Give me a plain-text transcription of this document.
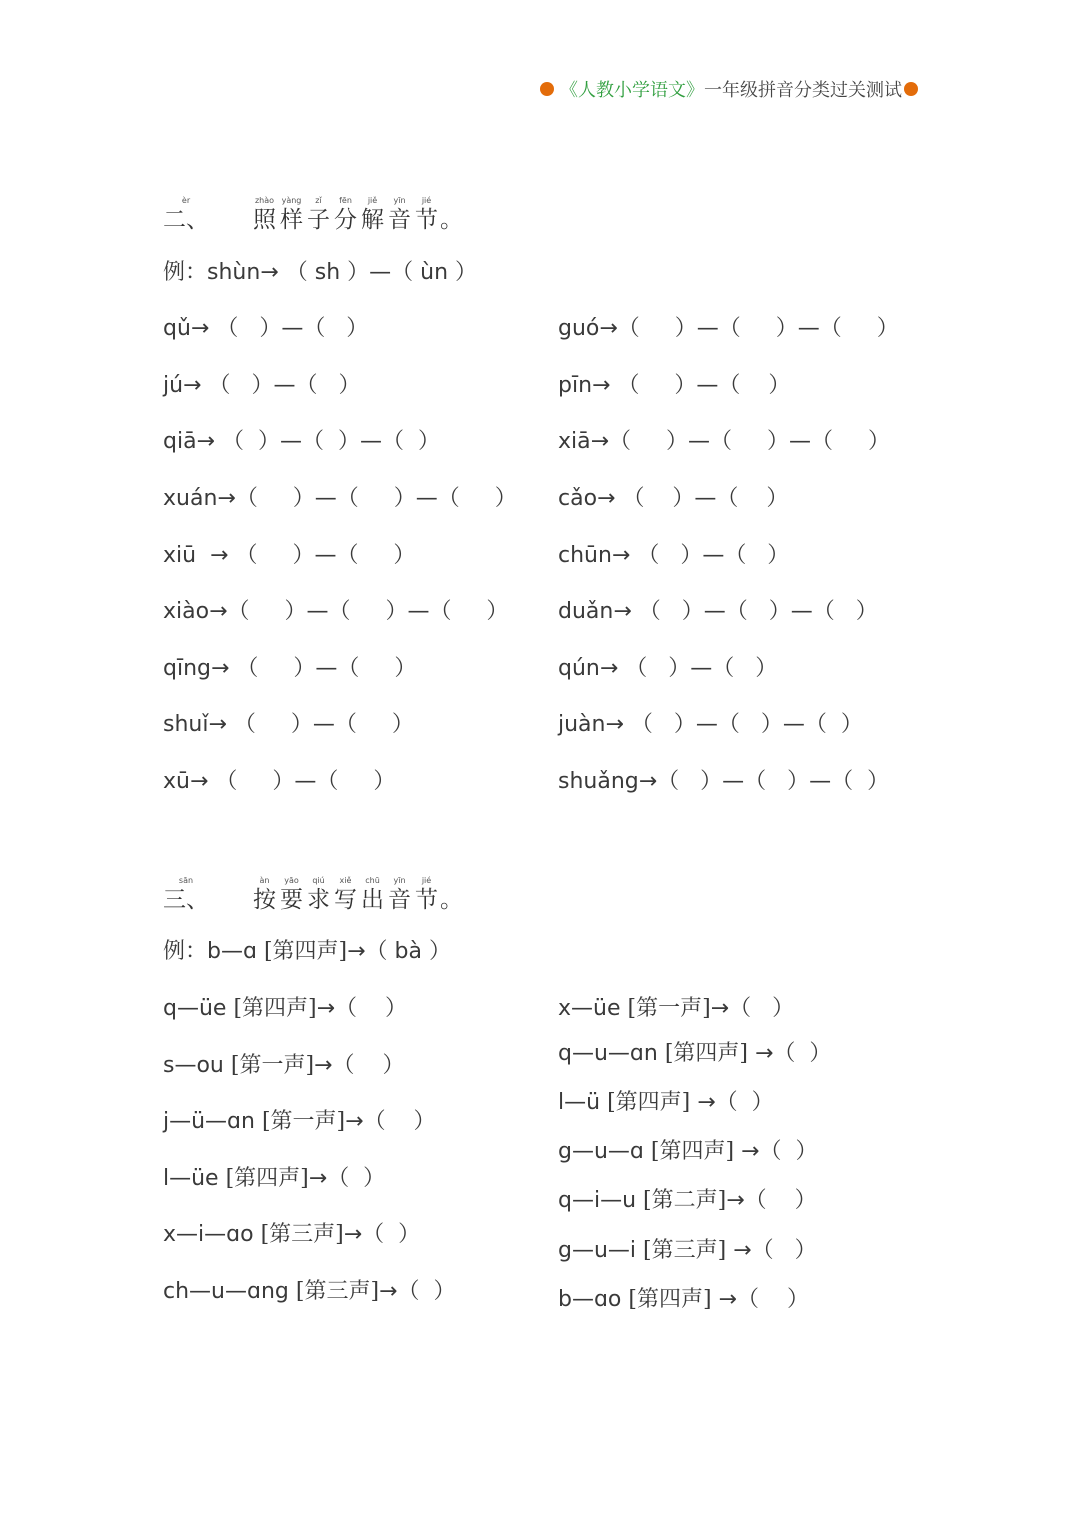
《人教小学语文》 一年级拼音分类过关测试
èr
二、
zhào
照
yàng
样
zǐ
子
fēn
分
jiě
解
yīn
音
jié
节 。
例：shùn→ （ sh ）—（ ùn ）
qǔ→ （   ）—（   ）
jú→ （   ）—（   ）
qiā→ （  ）—（  ）—（  ）
xuán→（     ）—（     ）—（     ）
xiū  → （     ）—（     ）
xiào→（     ）—（     ）—（     ）
qīng→ （     ）—（     ）
shuǐ→ （     ）—（     ）
xū→ （     ）—（     ）
guó→（     ）—（     ）—（     ）
pīn→ （     ）—（    ）
xiā→（     ）—（     ）—（     ）
cǎo→ （    ）—（    ）
chūn→ （   ）—（   ）
duǎn→ （   ）—（   ）—（   ）
qún→ （   ）—（   ）
juàn→ （   ）—（   ）—（  ）
shuǎng→（   ）—（   ）—（  ）
sān
三、
àn
按
yāo
要
qiú
求
xiě
写
chū
出
yīn
音
jié
节 。
例：b—ɑ [第四声]→（ bà ）
q—üe [第四声]→（    ）
s—ou [第一声]→（    ）
j—ü—ɑn [第一声]→（    ）
l—üe [第四声]→（  ）
x—i—ɑo [第三声]→（  ）
ch—u—ɑng [第三声]→（  ）
x—üe [第一声]→（   ）
q—u—ɑn [第四声] →（  ）
l—ü [第四声] →（  ）
g—u—ɑ [第四声] →（  ）
q—i—u [第二声]→（    ）
g—u—i [第三声] →（   ）
b—ɑo [第四声] →（    ）
